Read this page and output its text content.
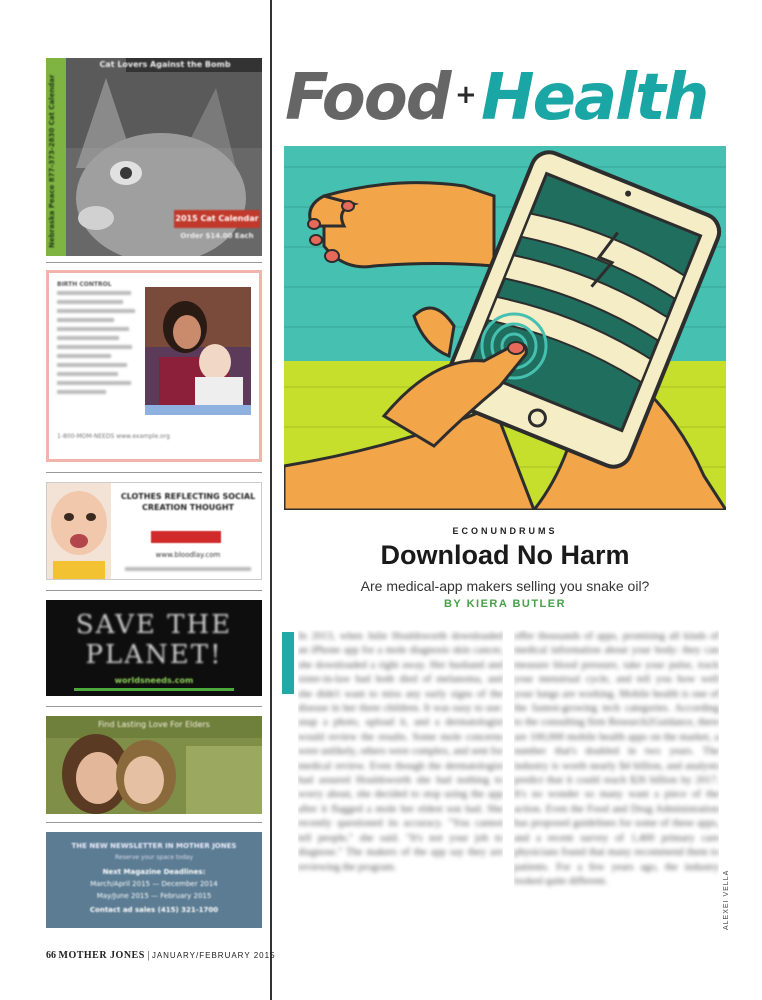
Nebraska Peace 877-373-2830 Cat Calendar
Cat Lovers Against the Bomb
2015 Cat Calendar
Order $14.00 Each
BIRTH CONTROL
1-800-MOM-NEEDS www.example.org
CLOTHES REFLECTING SOCIAL CREATION THOUGHT
www.bloodlay.com
SAVE THE
PLANET!
worldsneeds.com
Find Lasting Love For Elders
THE NEW NEWSLETTER IN MOTHER JONES
Reserve your space today
Next Magazine Deadlines:
March/April 2015 — December 2014
May/June 2015 — February 2015
Contact ad sales (415) 321-1700
Food + Health
ECONUNDRUMS
Download No Harm
Are medical-app makers selling you snake oil?
BY KIERA BUTLER

In 2013, when Julie Houldsworth downloaded an iPhone app for a mole diagnosis skin cancer, she downloaded a right away. Her husband and sister-in-law had both died of melanoma, and she didn't want to miss any early signs of the disease in her three children. It was easy to use: snap a photo, upload it, and a dermatologist would review the results. Some mole concerns were unlikely, others were complex, and sent for medical review. Even though the dermatologist had assured Houldsworth she had nothing to worry about, she decided to stop using the app after it flagged a mole her eldest son had. She recently questioned its accuracy. "You cannot tell people," she said. "It's not your job to diagnose." The makers of the app say they are reviewing the program.

offer thousands of apps, promising all kinds of medical information about your body: they can measure blood pressure, take your pulse, track your menstrual cycle, and tell you how well your lungs are working. Mobile health is one of the fastest-growing tech categories. According to the consulting firm Research2Guidance, there are 100,000 mobile health apps on the market, a number that's doubled in two years. The industry is worth nearly $4 billion, and analysts predict that it could reach $26 billion by 2017. It's no wonder so many want a piece of the action. Even the Food and Drug Administration has proposed guidelines for some of these apps, and a recent survey of 1,400 primary care physicians found that many recommend them to patients. For a few years ago, the industry looked quite different.	ALEXEI VELLA
66 MOTHER JONES | JANUARY/FEBRUARY 2015
